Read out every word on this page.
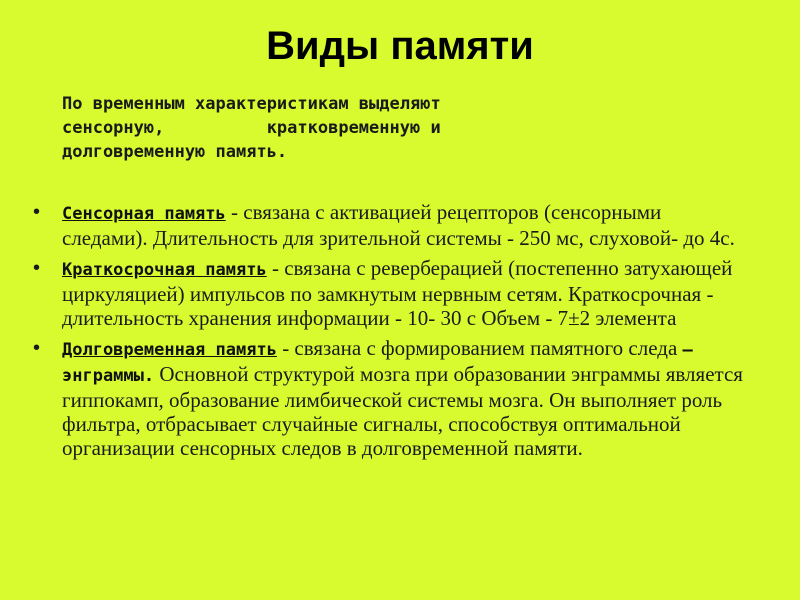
Виды памяти
По временным характеристикам выделяют
сенсорную,          кратковременную и
долговременную память.
• Сенсорная память - связана с активацией рецепторов (сенсорными следами). Длительность для зрительной системы - 250 мс, слуховой- до 4с.
• Краткосрочная память - связана с реверберацией (постепенно затухающей циркуляцией) импульсов по замкнутым нервным сетям. Краткосрочная - длительность хранения информации - 10- 30 с Объем - 7±2 элемента
• Долговременная память - связана с формированием памятного следа – энграммы. Основной структурой мозга при образовании энграммы является гиппокамп, образование лимбической системы мозга. Он выполняет роль фильтра, отбрасывает случайные сигналы, способствуя оптимальной организации сенсорных следов в долговременной памяти.
